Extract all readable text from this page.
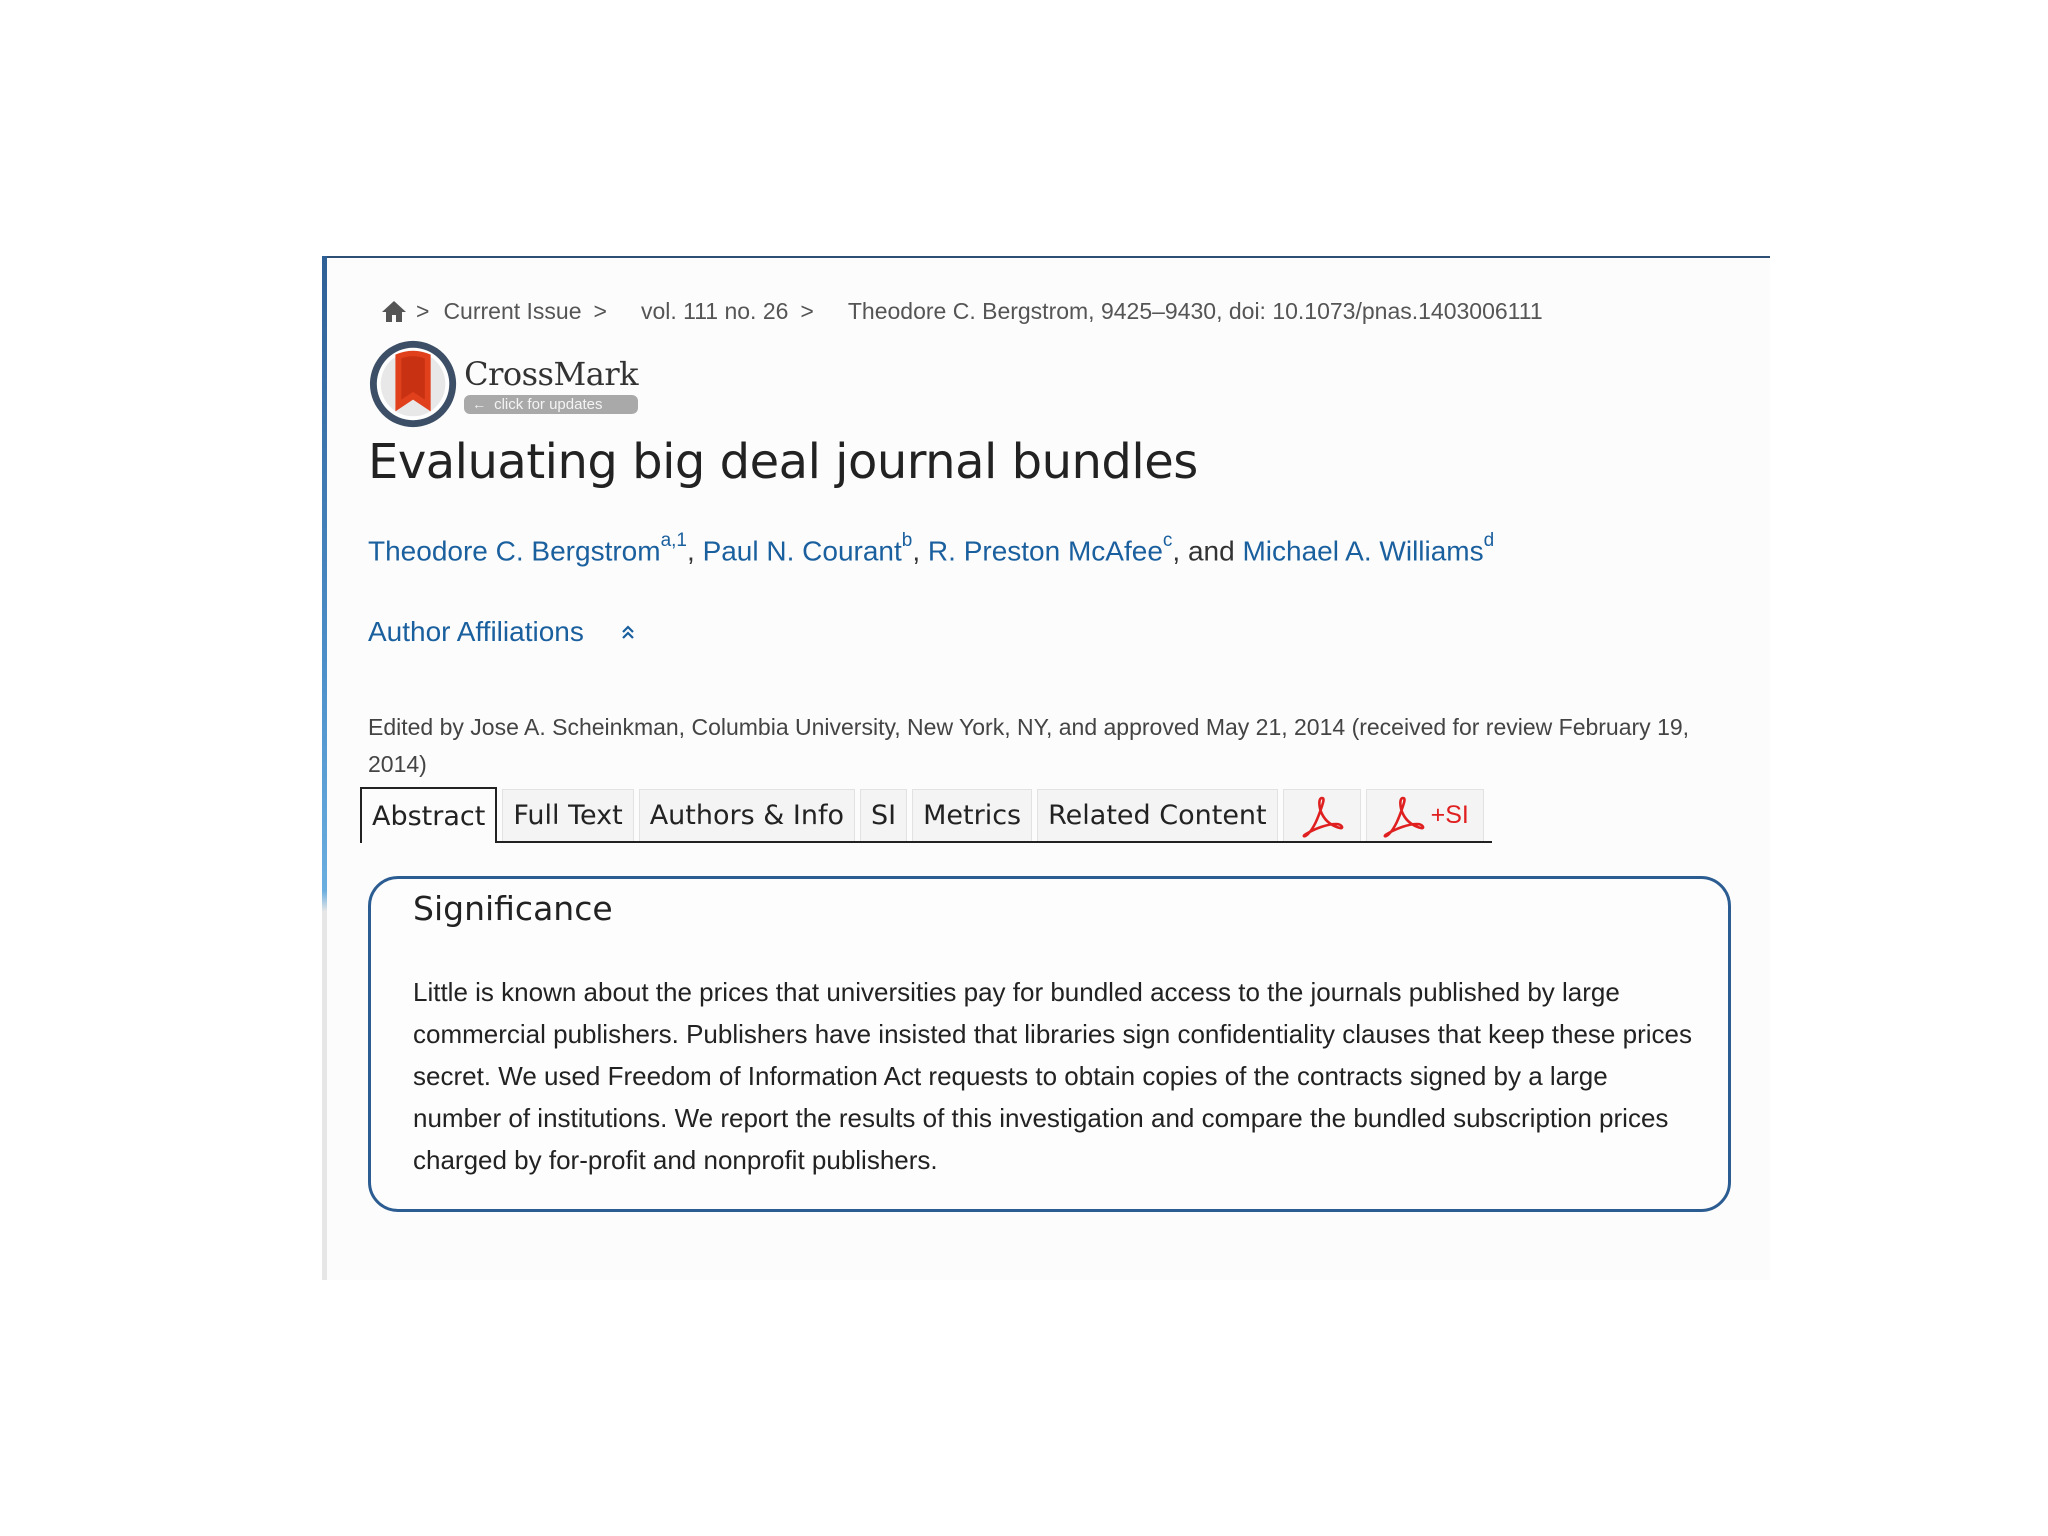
> Current Issue > vol. 111 no. 26 > Theodore C. Bergstrom, 9425–9430, doi: 10.1073/pnas.1403006111
CrossMark
← click for updates
Evaluating big deal journal bundles
Theodore C. Bergstrom$^{a,1}$, Paul N. Courant$^b$, R. Preston McAfee$^c$, and Michael A. Williams$^d$
Author Affiliations

Edited by Jose A. Scheinkman, Columbia University, New York, NY, and approved May 21, 2014 (received for review February 19, 2014)

Abstract	Full Text	Authors & Info	SI	Metrics	Related Content	+SI
Significance

Little is known about the prices that universities pay for bundled access to the journals published by large commercial publishers. Publishers have insisted that libraries sign confidentiality clauses that keep these prices secret. We used Freedom of Information Act requests to obtain copies of the contracts signed by a large number of institutions. We report the results of this investigation and compare the bundled subscription prices charged by for-profit and nonprofit publishers.
